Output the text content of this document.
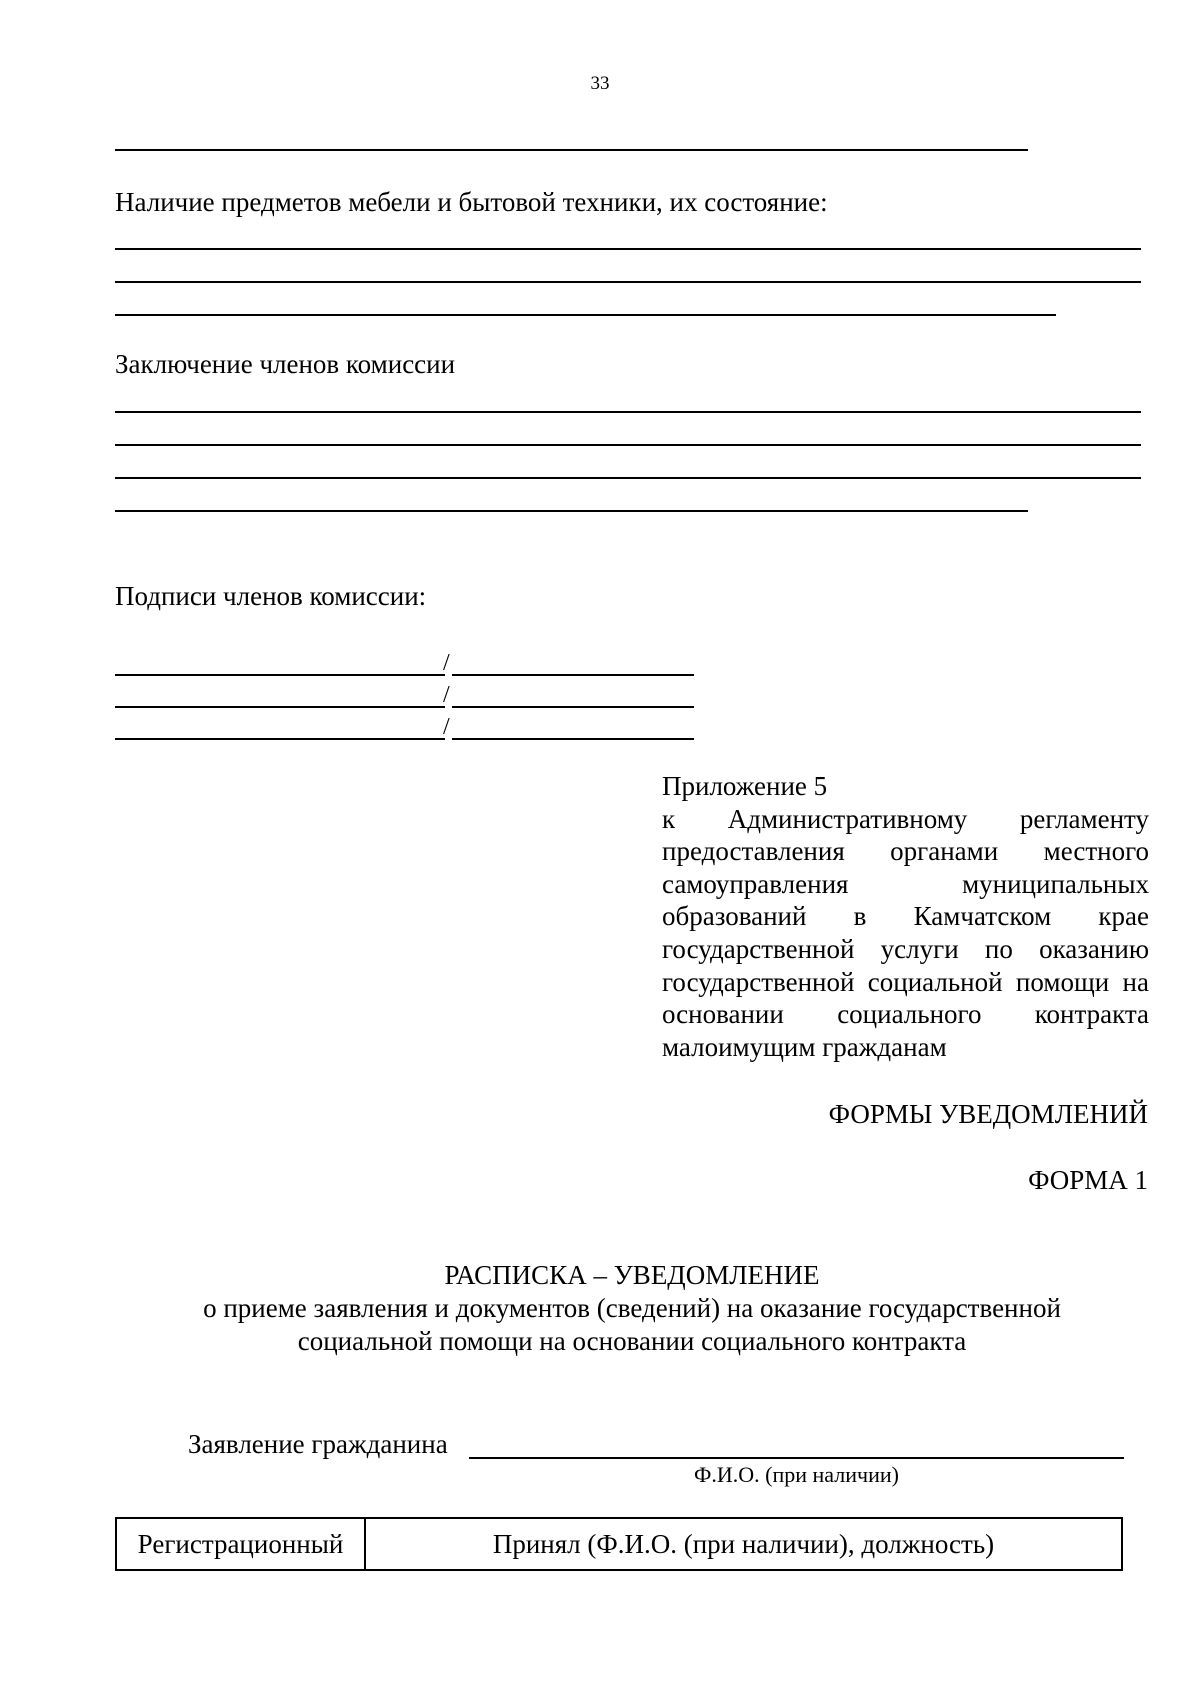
33
Наличие предметов мебели и бытовой техники, их состояние:
Заключение членов комиссии
Подписи членов комиссии:
/
/
/
Приложение 5
к Административному регламенту предоставления органами местного самоуправления муниципальных образований в Камчатском крае государственной услуги по оказанию государственной социальной помощи на основании социального контракта малоимущим гражданам
ФОРМЫ УВЕДОМЛЕНИЙ
ФОРМА 1
РАСПИСКА – УВЕДОМЛЕНИЕ
о приеме заявления и документов (сведений) на оказание государственной
социальной помощи на основании социального контракта
Заявление гражданина
Ф.И.О. (при наличии)
Регистрационный	Принял (Ф.И.О. (при наличии), должность)
